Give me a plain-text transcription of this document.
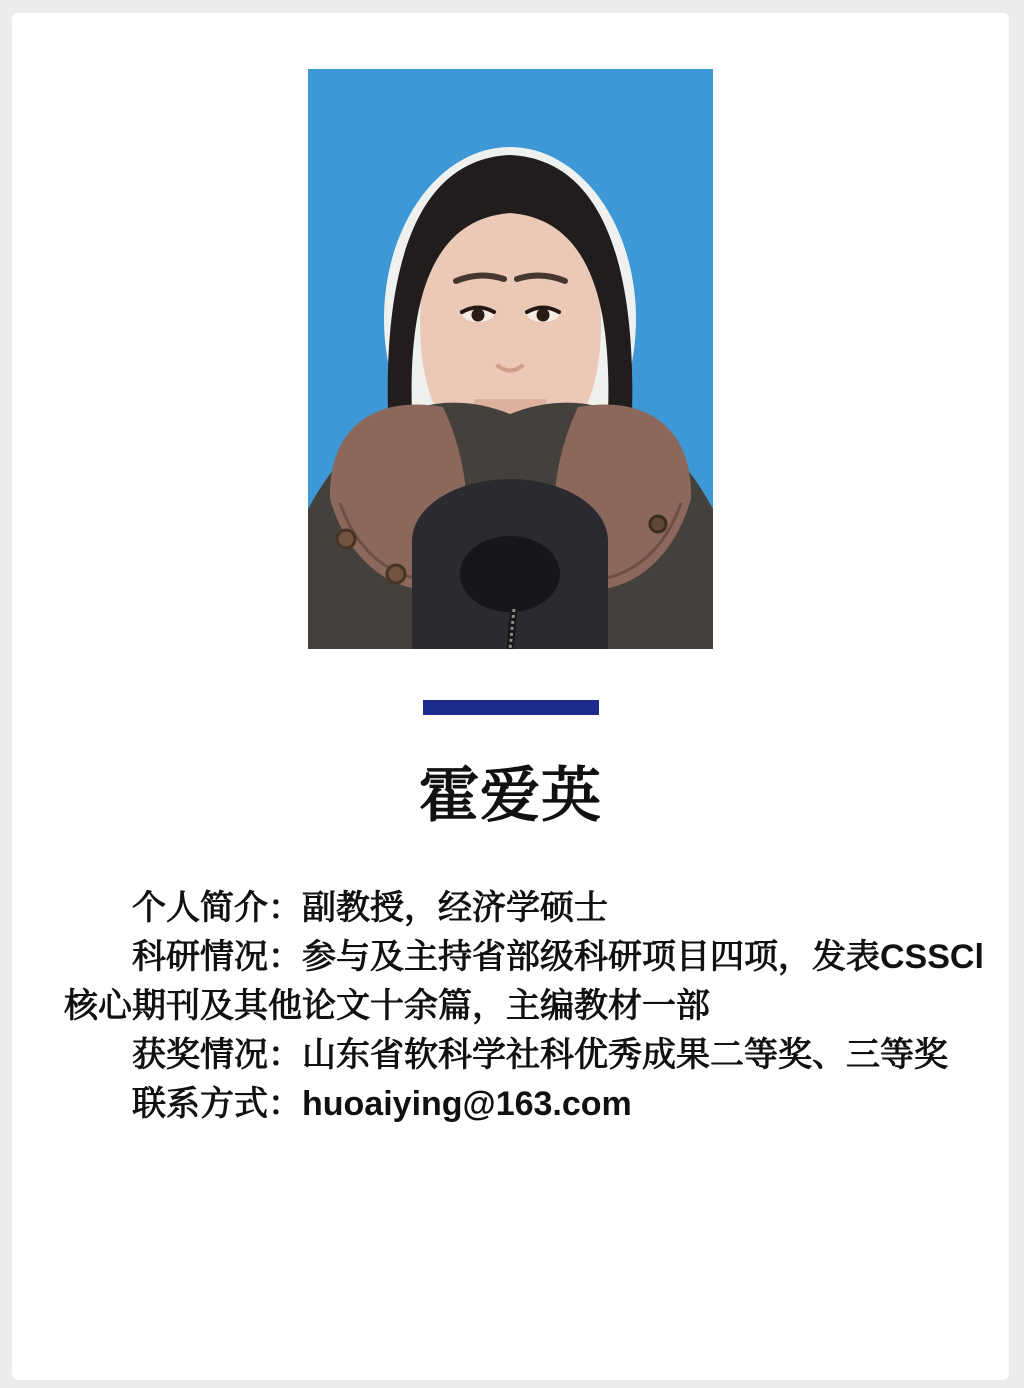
霍爱英

个人简介：副教授，经济学硕士

科研情况：参与及主持省部级科研项目四项，发表CSSCl核心期刊及其他论文十余篇，主编教材一部

获奖情况：山东省软科学社科优秀成果二等奖、三等奖

联系方式：huoaiying@163.com
